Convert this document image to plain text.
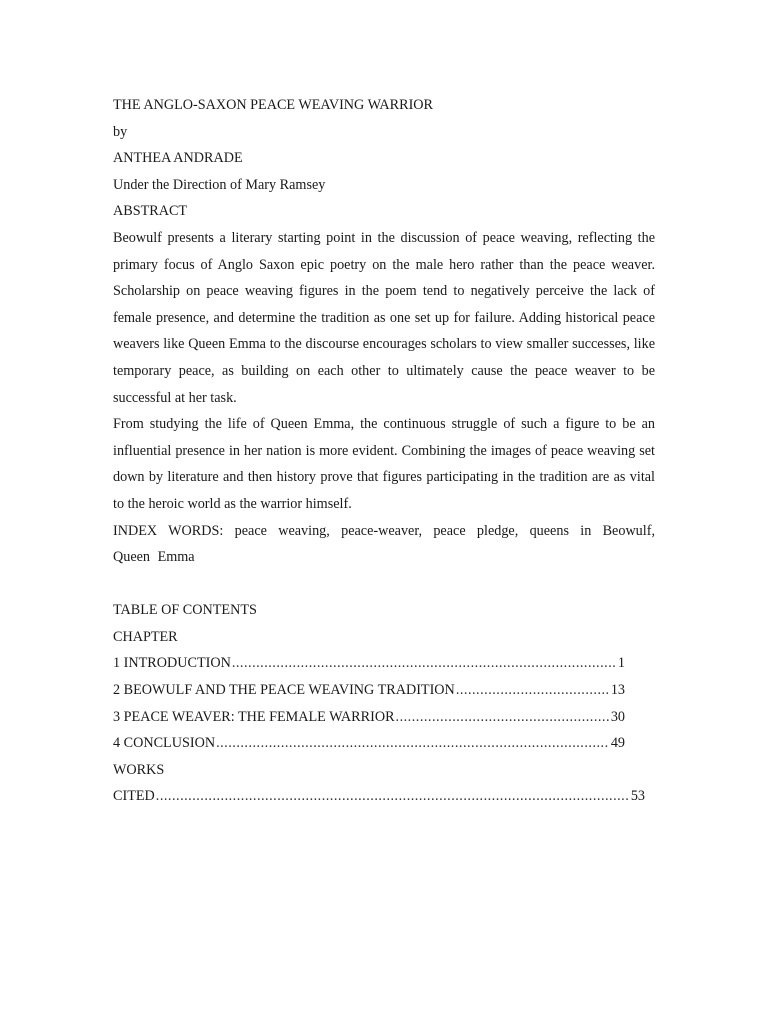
THE ANGLO-SAXON PEACE WEAVING WARRIOR

by

ANTHEA ANDRADE

Under the Direction of Mary Ramsey

ABSTRACT

Beowulf presents a literary starting point in the discussion of peace weaving, reflecting the primary focus of Anglo Saxon epic poetry on the male hero rather than the peace weaver. Scholarship on peace weaving figures in the poem tend to negatively perceive the lack of female presence, and determine the tradition as one set up for failure. Adding historical peace weavers like Queen Emma to the discourse encourages scholars to view smaller successes, like temporary peace, as building on each other to ultimately cause the peace weaver to be successful at her task.

From studying the life of Queen Emma, the continuous struggle of such a figure to be an influential presence in her nation is more evident. Combining the images of peace weaving set down by literature and then history prove that figures participating in the tradition are as vital to the heroic world as the warrior himself.

INDEX WORDS: peace weaving, peace-weaver, peace pledge, queens in Beowulf, Queen Emma

TABLE OF CONTENTS

CHAPTER

1 INTRODUCTION .....	1
2 BEOWULF AND THE PEACE WEAVING TRADITION .....	13
3 PEACE WEAVER: THE FEMALE WARRIOR .....	30
4 CONCLUSION .....	49

WORKS

CITED .....	53
